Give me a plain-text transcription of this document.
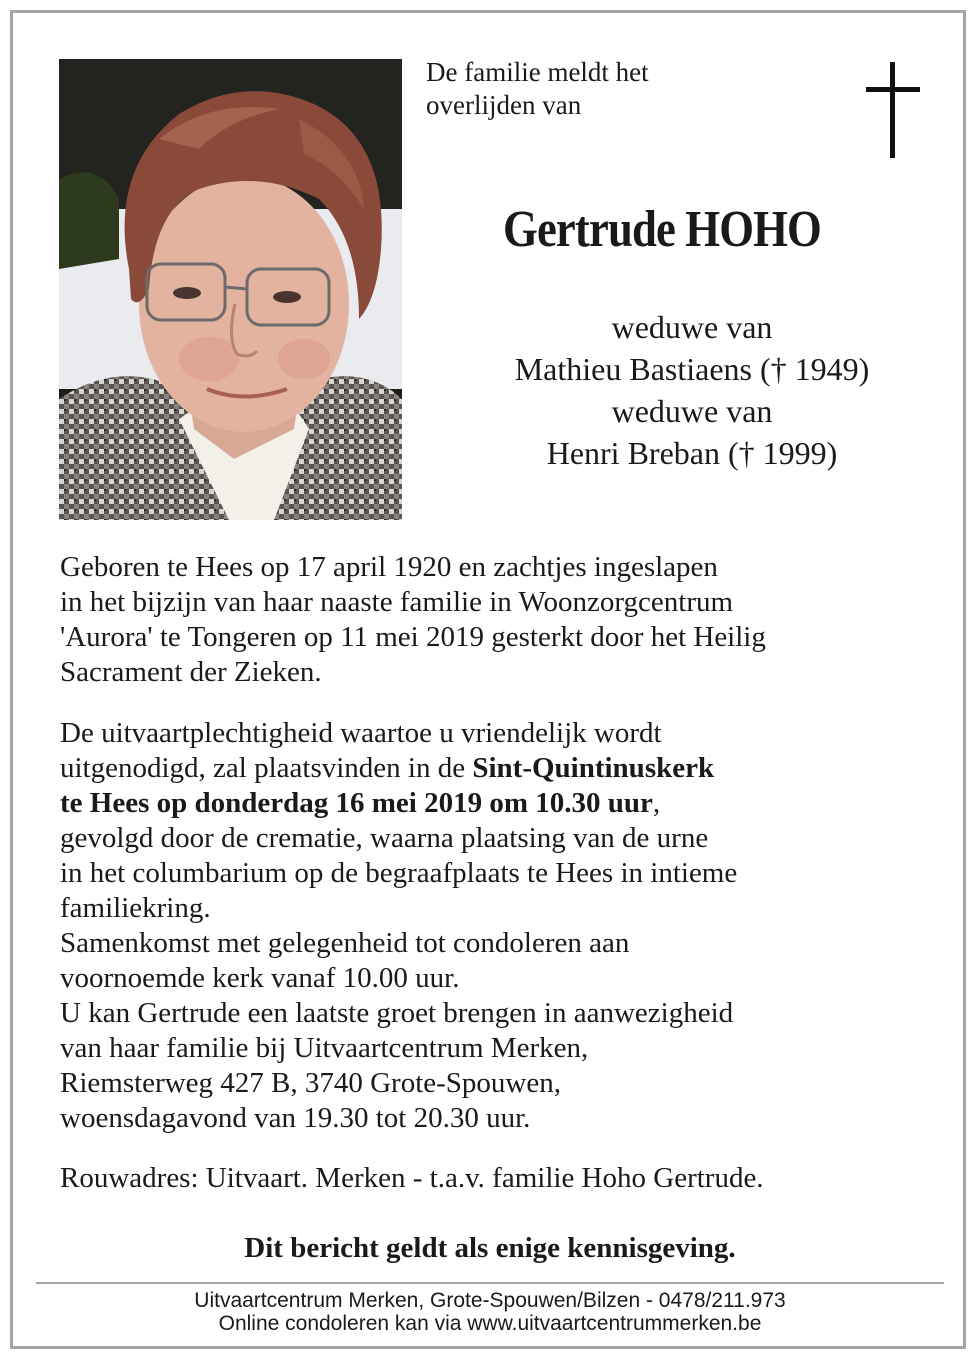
De familie meldt het
overlijden van
Gertrude HOHO
weduwe van
Mathieu Bastiaens († 1949)
weduwe van
Henri Breban († 1999)
Geboren te Hees op 17 april 1920 en zachtjes ingeslapen
in het bijzijn van haar naaste familie in Woonzorgcentrum
'Aurora' te Tongeren op 11 mei 2019 gesterkt door het Heilig
Sacrament der Zieken.
De uitvaartplechtigheid waartoe u vriendelijk wordt
uitgenodigd, zal plaatsvinden in de Sint-Quintinuskerk
te Hees op donderdag 16 mei 2019 om 10.30 uur,
gevolgd door de crematie, waarna plaatsing van de urne
in het columbarium op de begraafplaats te Hees in intieme
familiekring.
Samenkomst met gelegenheid tot condoleren aan
voornoemde kerk vanaf 10.00 uur.
U kan Gertrude een laatste groet brengen in aanwezigheid
van haar familie bij Uitvaartcentrum Merken,
Riemsterweg 427 B, 3740 Grote-Spouwen,
woensdagavond van 19.30 tot 20.30 uur.
Rouwadres: Uitvaart. Merken - t.a.v. familie Hoho Gertrude.
Dit bericht geldt als enige kennisgeving.
Uitvaartcentrum Merken, Grote-Spouwen/Bilzen - 0478/211.973
Online condoleren kan via www.uitvaartcentrummerken.be
